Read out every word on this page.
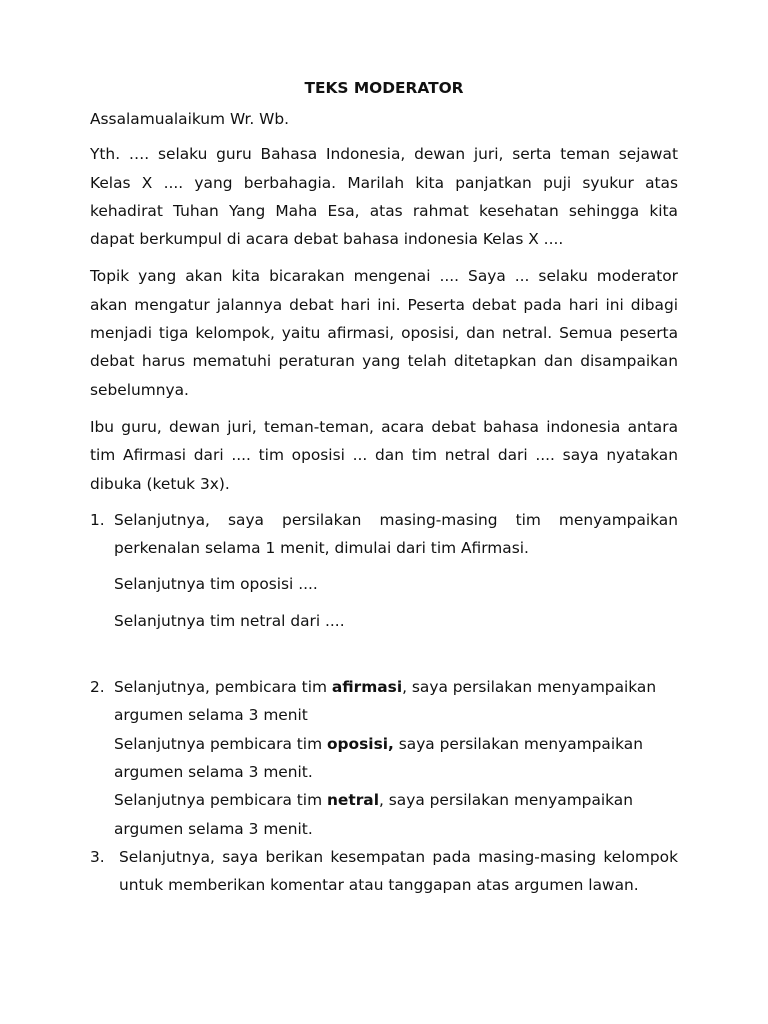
TEKS MODERATOR

Assalamualaikum Wr. Wb.

Yth. …. selaku guru Bahasa Indonesia, dewan juri, serta teman sejawat Kelas X .... yang berbahagia. Marilah kita panjatkan puji syukur atas kehadirat Tuhan Yang Maha Esa, atas rahmat kesehatan sehingga kita dapat berkumpul di acara debat bahasa indonesia Kelas X ....

Topik yang akan kita bicarakan mengenai .... Saya ... selaku moderator akan mengatur jalannya debat hari ini. Peserta debat pada hari ini dibagi menjadi tiga kelompok, yaitu afirmasi, oposisi, dan netral. Semua peserta debat harus mematuhi peraturan yang telah ditetapkan dan disampaikan sebelumnya.

Ibu guru, dewan juri, teman-teman, acara debat bahasa indonesia antara tim Afirmasi dari .... tim oposisi ... dan tim netral dari .... saya nyatakan dibuka (ketuk 3x).

1. Selanjutnya, saya persilakan masing-masing tim menyampaikan perkenalan selama 1 menit, dimulai dari tim Afirmasi.
Selanjutnya tim oposisi ....
Selanjutnya tim netral dari ....
2. Selanjutnya, pembicara tim afirmasi, saya persilakan menyampaikan argumen selama 3 menit
Selanjutnya pembicara tim oposisi, saya persilakan menyampaikan argumen selama 3 menit.
Selanjutnya pembicara tim netral, saya persilakan menyampaikan argumen selama 3 menit.
3. Selanjutnya, saya berikan kesempatan pada masing-masing kelompok untuk memberikan komentar atau tanggapan atas argumen lawan.
